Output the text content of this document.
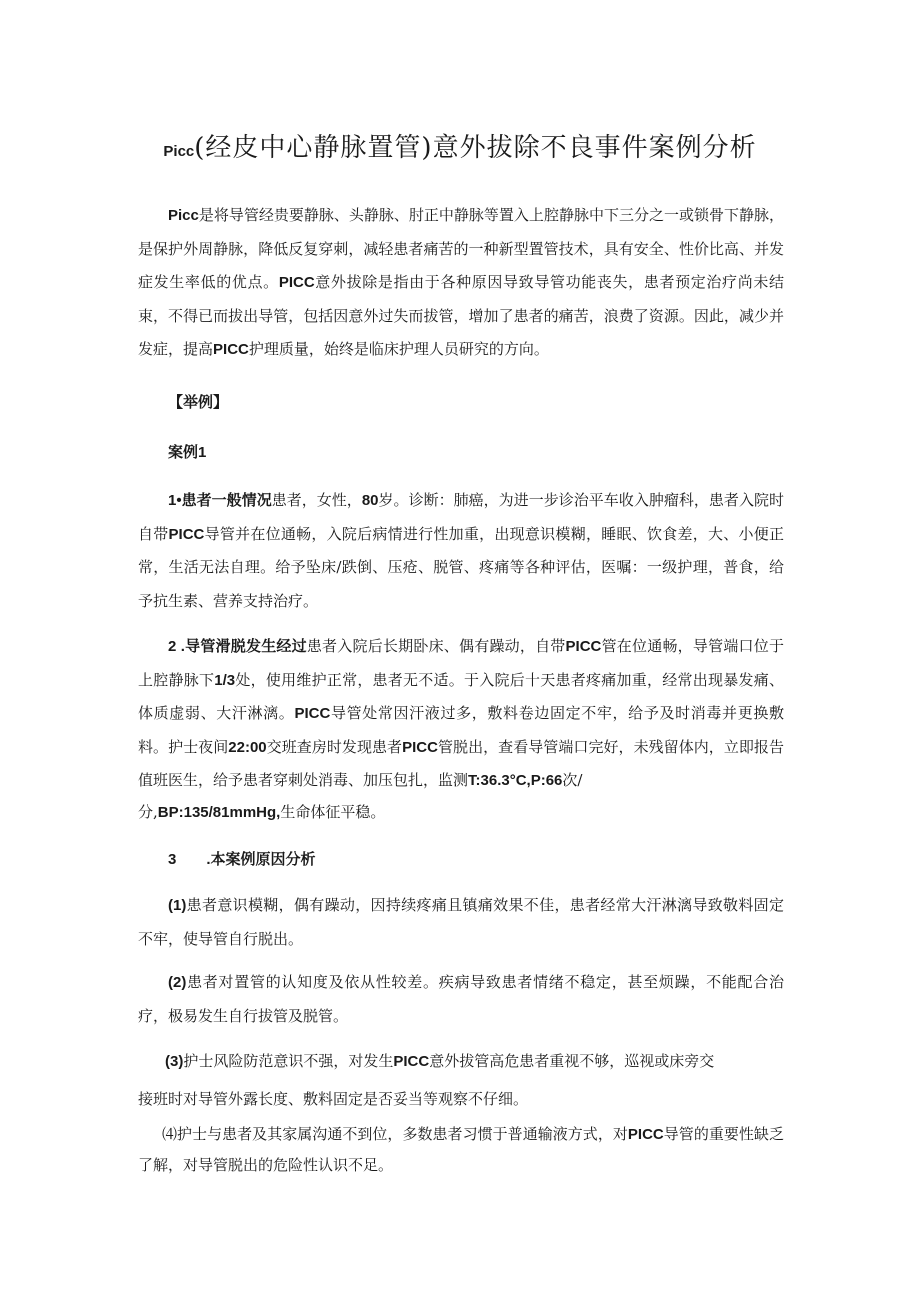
Picc(经皮中心静脉置管)意外拔除不良事件案例分析

Picc是将导管经贵要静脉、头静脉、肘正中静脉等置入上腔静脉中下三分之一或锁骨下静脉，是保护外周静脉，降低反复穿刺，减轻患者痛苦的一种新型置管技术，具有安全、性价比高、并发症发生率低的优点。PICC意外拔除是指由于各种原因导致导管功能丧失，患者预定治疗尚未结束，不得已而拔出导管，包括因意外过失而拔管，增加了患者的痛苦，浪费了资源。因此，减少并发症，提高PICC护理质量，始终是临床护理人员研究的方向。

【举例】

案例1

1•患者一般情况患者，女性，80岁。诊断：肺癌，为进一步诊治平车收入肿瘤科，患者入院时自带PICC导管并在位通畅，入院后病情进行性加重，出现意识模糊，睡眠、饮食差，大、小便正常，生活无法自理。给予坠床/跌倒、压疮、脱管、疼痛等各种评估，医嘱：一级护理，普食，给予抗生素、营养支持治疗。

2 .导管滑脱发生经过患者入院后长期卧床、偶有躁动，自带PICC管在位通畅，导管端口位于上腔静脉下1/3处，使用维护正常，患者无不适。于入院后十天患者疼痛加重，经常出现暴发痛、体质虚弱、大汗淋漓。PICC导管处常因汗液过多，敷料卷边固定不牢，给予及时消毒并更换敷料。护士夜间22:00交班查房时发现患者PICC管脱出，查看导管端口完好，未残留体内，立即报告值班医生，给予患者穿刺处消毒、加压包扎，监测T:36.3°C,P:66次/

分,BP:135/81mmHg,生命体征平稳。

3　　.本案例原因分析

(1)患者意识模糊，偶有躁动，因持续疼痛且镇痛效果不佳，患者经常大汗淋漓导致敬料固定不牢，使导管自行脱出。

(2)患者对置管的认知度及依从性较差。疾病导致患者情绪不稳定，甚至烦躁，不能配合治疗，极易发生自行拔管及脱管。

(3)护士风险防范意识不强，对发生PICC意外拔管高危患者重视不够，巡视或床旁交

接班时对导管外露长度、敷料固定是否妥当等观察不仔细。

⑷护士与患者及其家属沟通不到位，多数患者习惯于普通输液方式，对PICC导管的重要性缺乏了解，对导管脱出的危险性认识不足。
